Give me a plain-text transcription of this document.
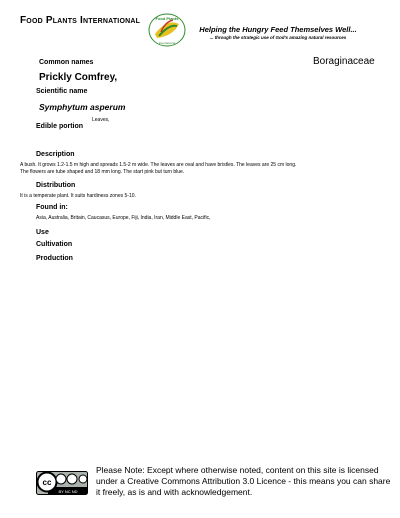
Food Plants International	Food Plants
International
Helping the Hungry Feed Themselves Well...
... through the strategic use of God's amazing natural resources
Common names	Boraginaceae
Prickly Comfrey,
Scientific name
Symphytum asperum
Edible portion
Leaves,
Description
A bush. It grows 1.2-1.5 m high and spreads 1.5-2 m wide. The leaves are oval and have bristles. The leaves are 25 cm long.
The flowers are tube shaped and 18 mm long. The start pink but turn blue.
Distribution
It is a temperate plant. It suits hardiness zones 5-10.
Found in:
Asia, Australia, Britain, Caucasus, Europe, Fiji, India, Iran, Middle East, Pacific,
Use
Cultivation
Production
cc
BY NC ND
Please Note: Except where otherwise noted, content on this site is licensed
under a Creative Commons Attribution 3.0 Licence - this means you can share
it freely, as is and with acknowledgement.
